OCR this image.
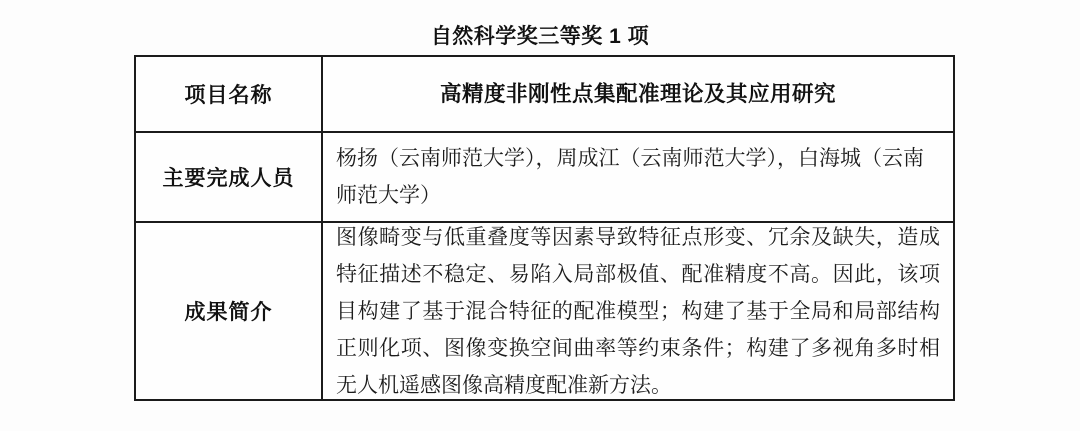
自然科学奖三等奖 1 项
项目名称	高精度非刚性点集配准理论及其应用研究
主要完成人员
杨扬（云南师范大学），周成江（云南师范大学），白海城（云南师范大学）
成果简介
图像畸变与低重叠度等因素导致特征点形变、冗余及缺失，造成特征描述不稳定、易陷入局部极值、配准精度不高。因此，该项目构建了基于混合特征的配准模型；构建了基于全局和局部结构正则化项、图像变换空间曲率等约束条件；构建了多视角多时相无人机遥感图像高精度配准新方法。
